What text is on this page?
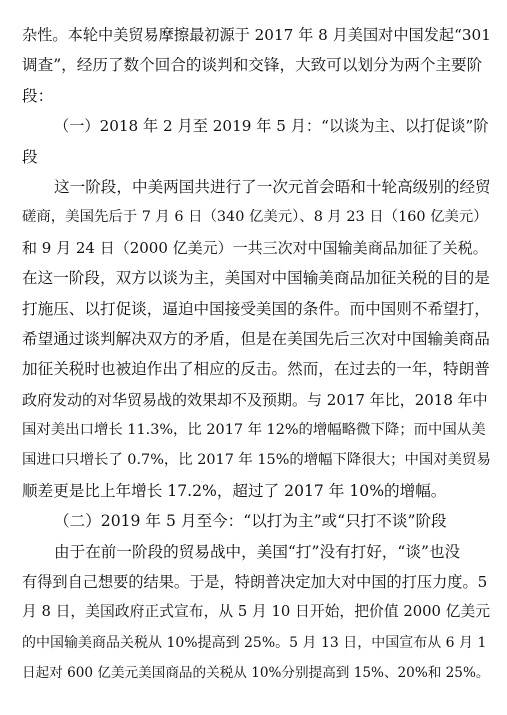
杂性。本轮中美贸易摩擦最初源于 2017 年 8 月美国对中国发起“301
调查”，经历了数个回合的谈判和交锋，大致可以划分为两个主要阶
段：
（一）2018 年 2 月至 2019 年 5 月：“以谈为主、以打促谈”阶
段
这一阶段，中美两国共进行了一次元首会晤和十轮高级别的经贸
磋商，美国先后于 7 月 6 日（340 亿美元）、8 月 23 日（160 亿美元）
和 9 月 24 日（2000 亿美元）一共三次对中国输美商品加征了关税。
在这一阶段，双方以谈为主，美国对中国输美商品加征关税的目的是
打施压、以打促谈，逼迫中国接受美国的条件。而中国则不希望打，
希望通过谈判解决双方的矛盾，但是在美国先后三次对中国输美商品
加征关税时也被迫作出了相应的反击。然而，在过去的一年，特朗普
政府发动的对华贸易战的效果却不及预期。与 2017 年比，2018 年中
国对美出口增长 11.3%，比 2017 年 12%的增幅略微下降；而中国从美
国进口只增长了 0.7%，比 2017 年 15%的增幅下降很大；中国对美贸易
顺差更是比上年增长 17.2%，超过了 2017 年 10%的增幅。
（二）2019 年 5 月至今：“以打为主”或“只打不谈”阶段
由于在前一阶段的贸易战中，美国“打”没有打好，“谈”也没
有得到自己想要的结果。于是，特朗普决定加大对中国的打压力度。5
月 8 日，美国政府正式宣布，从 5 月 10 日开始，把价值 2000 亿美元
的中国输美商品关税从 10%提高到 25%。5 月 13 日，中国宣布从 6 月 1
日起对 600 亿美元美国商品的关税从 10%分别提高到 15%、20%和 25%。
